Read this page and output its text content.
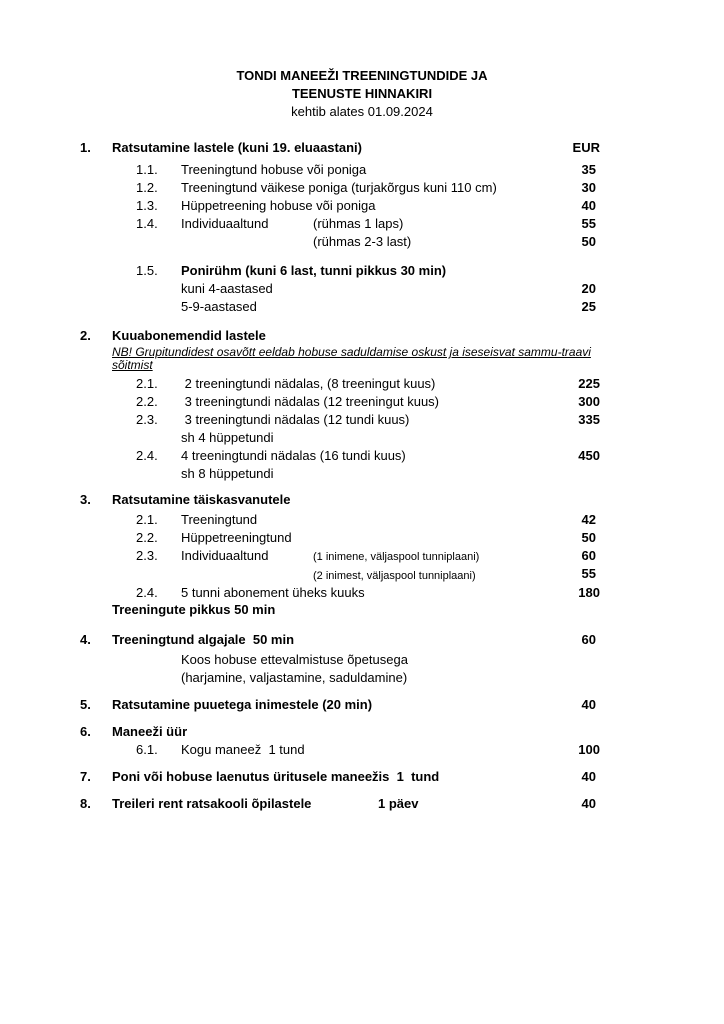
TONDI MANEEŽI TREENINGTUNDIDE JA
TEENUSTE HINNAKIRI
kehtib alates 01.09.2024
1. Ratsutamine lastele (kuni 19. eluaastani)	EUR
1.1. Treeningtund hobuse või poniga	35
1.2. Treeningtund väikese poniga (turjakõrgus kuni 110 cm)	30
1.3. Hüppetreening hobuse või poniga	40
1.4. Individuaaltund	(rühmas 1 laps)	55
(rühmas 2-3 last)	50
1.5. Ponirühm (kuni 6 last, tunni pikkus 30 min)
kuni 4-aastased	20
5-9-aastased	25
2. Kuuabonemendid lastele
NB! Grupitundidest osavõtt eeldab hobuse saduldamise oskust ja iseseisvat sammu-traavi
sõitmist
2.1. 2 treeningtundi nädalas, (8 treeningut kuus)	225
2.2. 3 treeningtundi nädalas (12 treeningut kuus)	300
2.3. 3 treeningtundi nädalas (12 tundi kuus)	335
sh 4 hüppetundi
2.4. 4 treeningtundi nädalas (16 tundi kuus)	450
sh 8 hüppetundi
3. Ratsutamine täiskasvanutele
2.1. Treeningtund	42
2.2. Hüppetreeningtund	50
2.3. Individuaaltund	(1 inimene, väljaspool tunniplaani)	60
(2 inimest, väljaspool tunniplaani)	55
2.4. 5 tunni abonement üheks kuuks	180
Treeningute pikkus 50 min
4. Treeningtund algajale  50 min	60
Koos hobuse ettevalmistuse õpetusega
(harjamine, valjastamine, saduldamine)
5. Ratsutamine puuetega inimestele (20 min)	40
6. Maneeži üür
6.1. Kogu maneež  1 tund	100
7. Poni või hobuse laenutus üritusele maneežis  1  tund	40
8. Treileri rent ratsakooli õpilastele	1 päev	40
